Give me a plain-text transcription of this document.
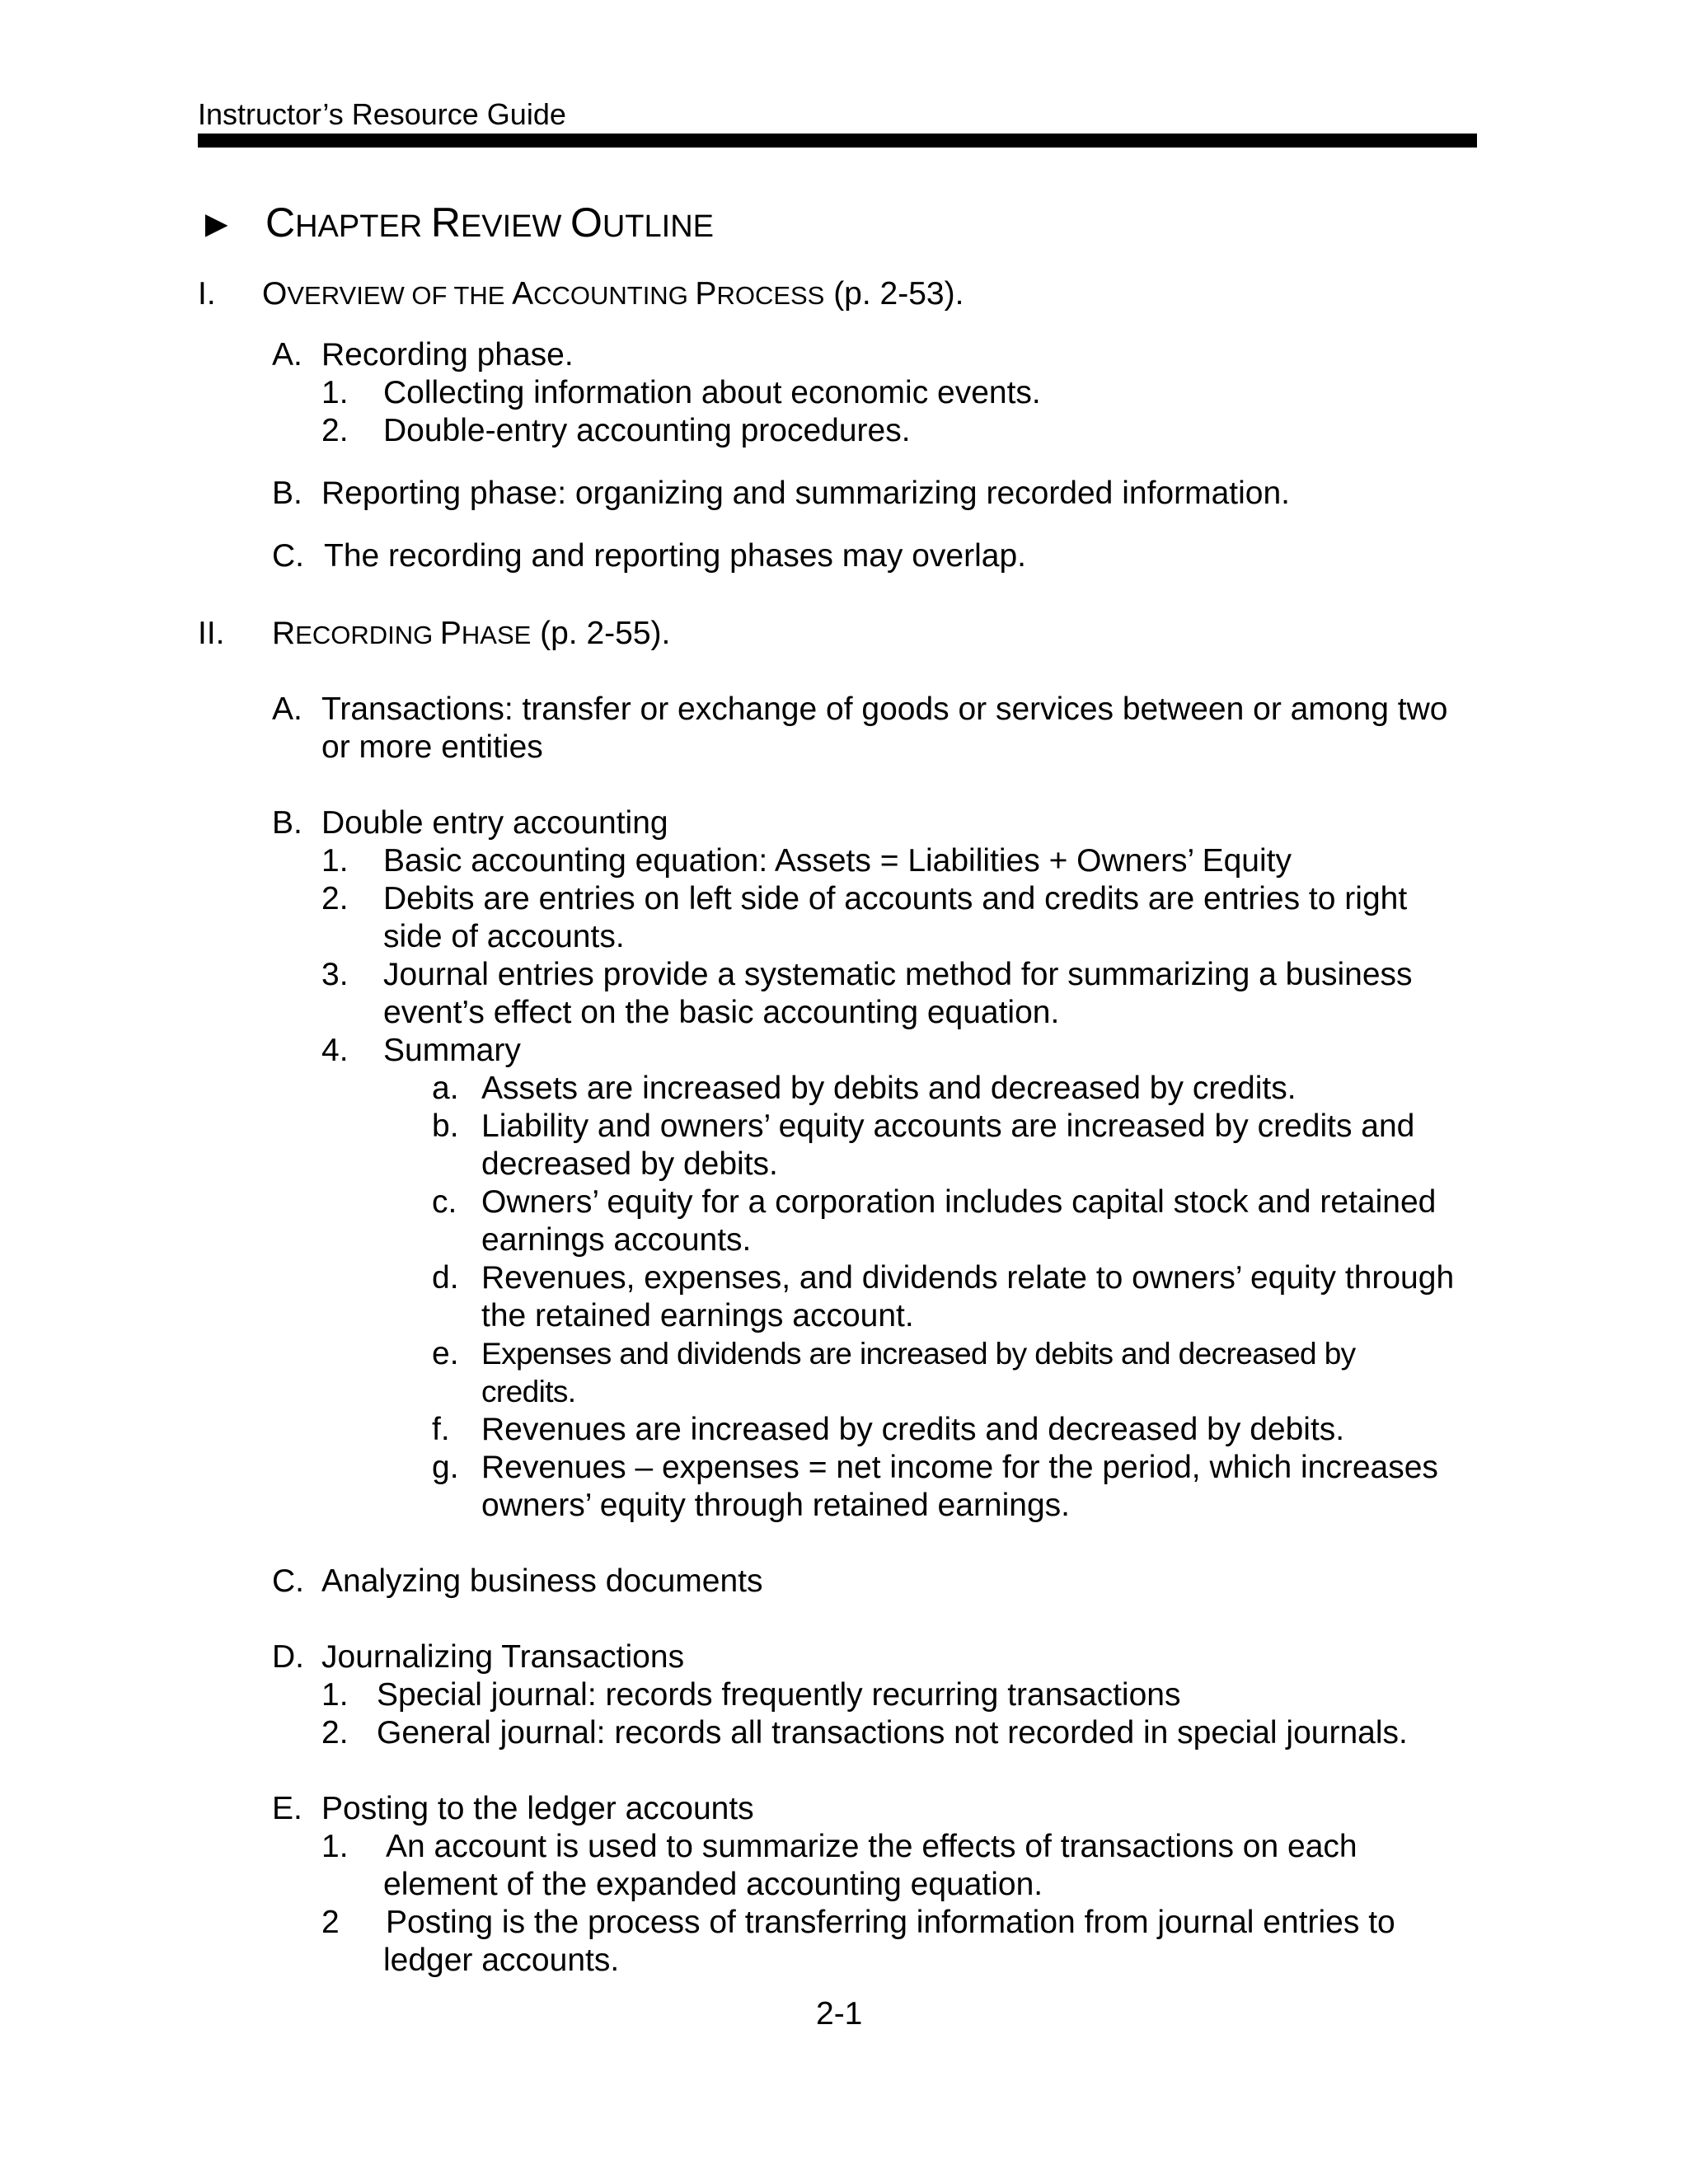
Instructor’s Resource Guide
► CHAPTER REVIEW OUTLINE
I. OVERVIEW OF THE ACCOUNTING PROCESS (p. 2-53).
A. Recording phase.
1. Collecting information about economic events.
2. Double-entry accounting procedures.
B. Reporting phase: organizing and summarizing recorded information.
C. The recording and reporting phases may overlap.
II. RECORDING PHASE (p. 2-55).
A. Transactions: transfer or exchange of goods or services between or among two
or more entities
B. Double entry accounting
1. Basic accounting equation: Assets = Liabilities + Owners’ Equity
2. Debits are entries on left side of accounts and credits are entries to right
side of accounts.
3. Journal entries provide a systematic method for summarizing a business
event’s effect on the basic accounting equation.
4. Summary
a. Assets are increased by debits and decreased by credits.
b. Liability and owners’ equity accounts are increased by credits and
decreased by debits.
c. Owners’ equity for a corporation includes capital stock and retained
earnings accounts.
d. Revenues, expenses, and dividends relate to owners’ equity through
the retained earnings account.
e. Expenses and dividends are increased by debits and decreased by
credits.
f. Revenues are increased by credits and decreased by debits.
g. Revenues – expenses = net income for the period, which increases
owners’ equity through retained earnings.
C. Analyzing business documents
D. Journalizing Transactions
1. Special journal: records frequently recurring transactions
2. General journal: records all transactions not recorded in special journals.
E. Posting to the ledger accounts
1. An account is used to summarize the effects of transactions on each
element of the expanded accounting equation.
2 Posting is the process of transferring information from journal entries to
ledger accounts.
2-1
